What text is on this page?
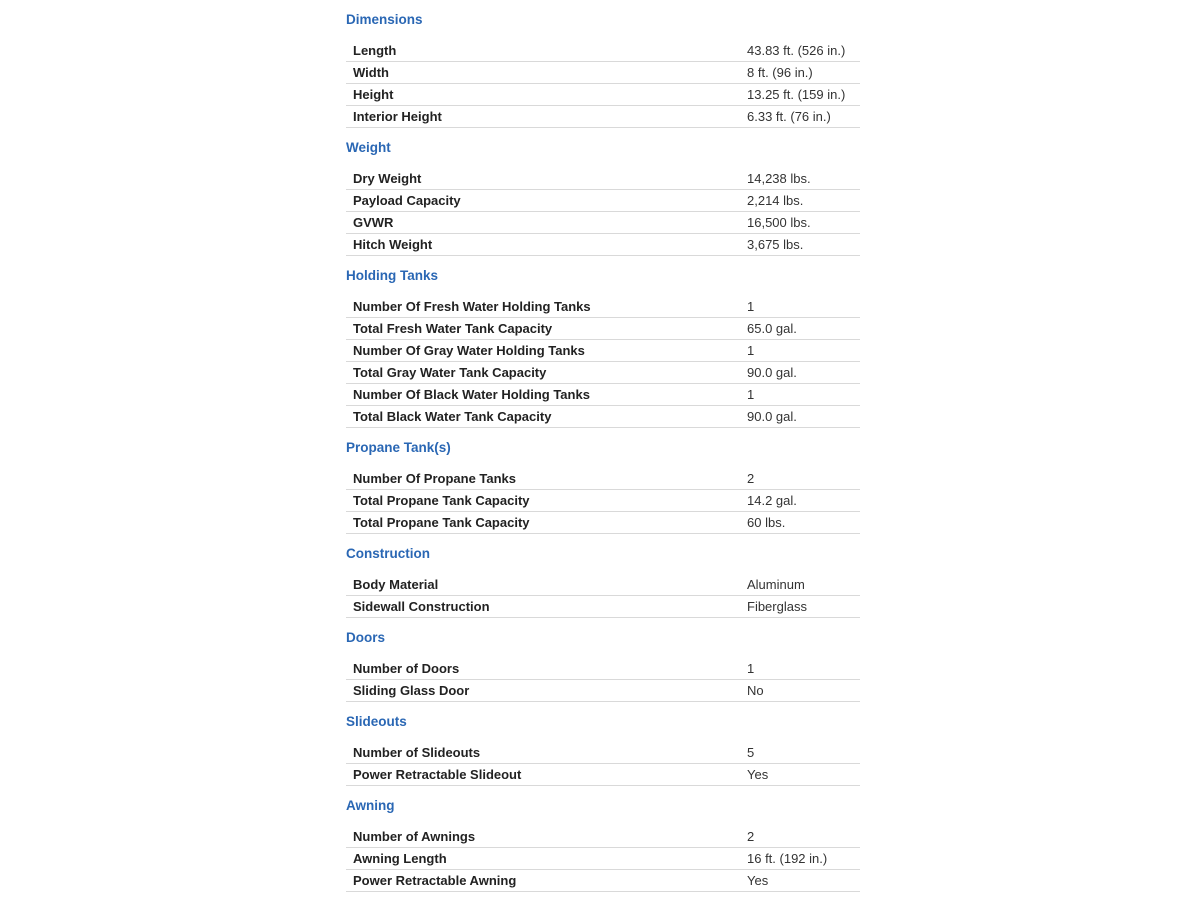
Dimensions
Length	43.83 ft. (526 in.)
Width	8 ft. (96 in.)
Height	13.25 ft. (159 in.)
Interior Height	6.33 ft. (76 in.)
Weight
Dry Weight	14,238 lbs.
Payload Capacity	2,214 lbs.
GVWR	16,500 lbs.
Hitch Weight	3,675 lbs.
Holding Tanks
Number Of Fresh Water Holding Tanks	1
Total Fresh Water Tank Capacity	65.0 gal.
Number Of Gray Water Holding Tanks	1
Total Gray Water Tank Capacity	90.0 gal.
Number Of Black Water Holding Tanks	1
Total Black Water Tank Capacity	90.0 gal.
Propane Tank(s)
Number Of Propane Tanks	2
Total Propane Tank Capacity	14.2 gal.
Total Propane Tank Capacity	60 lbs.
Construction
Body Material	Aluminum
Sidewall Construction	Fiberglass
Doors
Number of Doors	1
Sliding Glass Door	No
Slideouts
Number of Slideouts	5
Power Retractable Slideout	Yes
Awning
Number of Awnings	2
Awning Length	16 ft. (192 in.)
Power Retractable Awning	Yes
